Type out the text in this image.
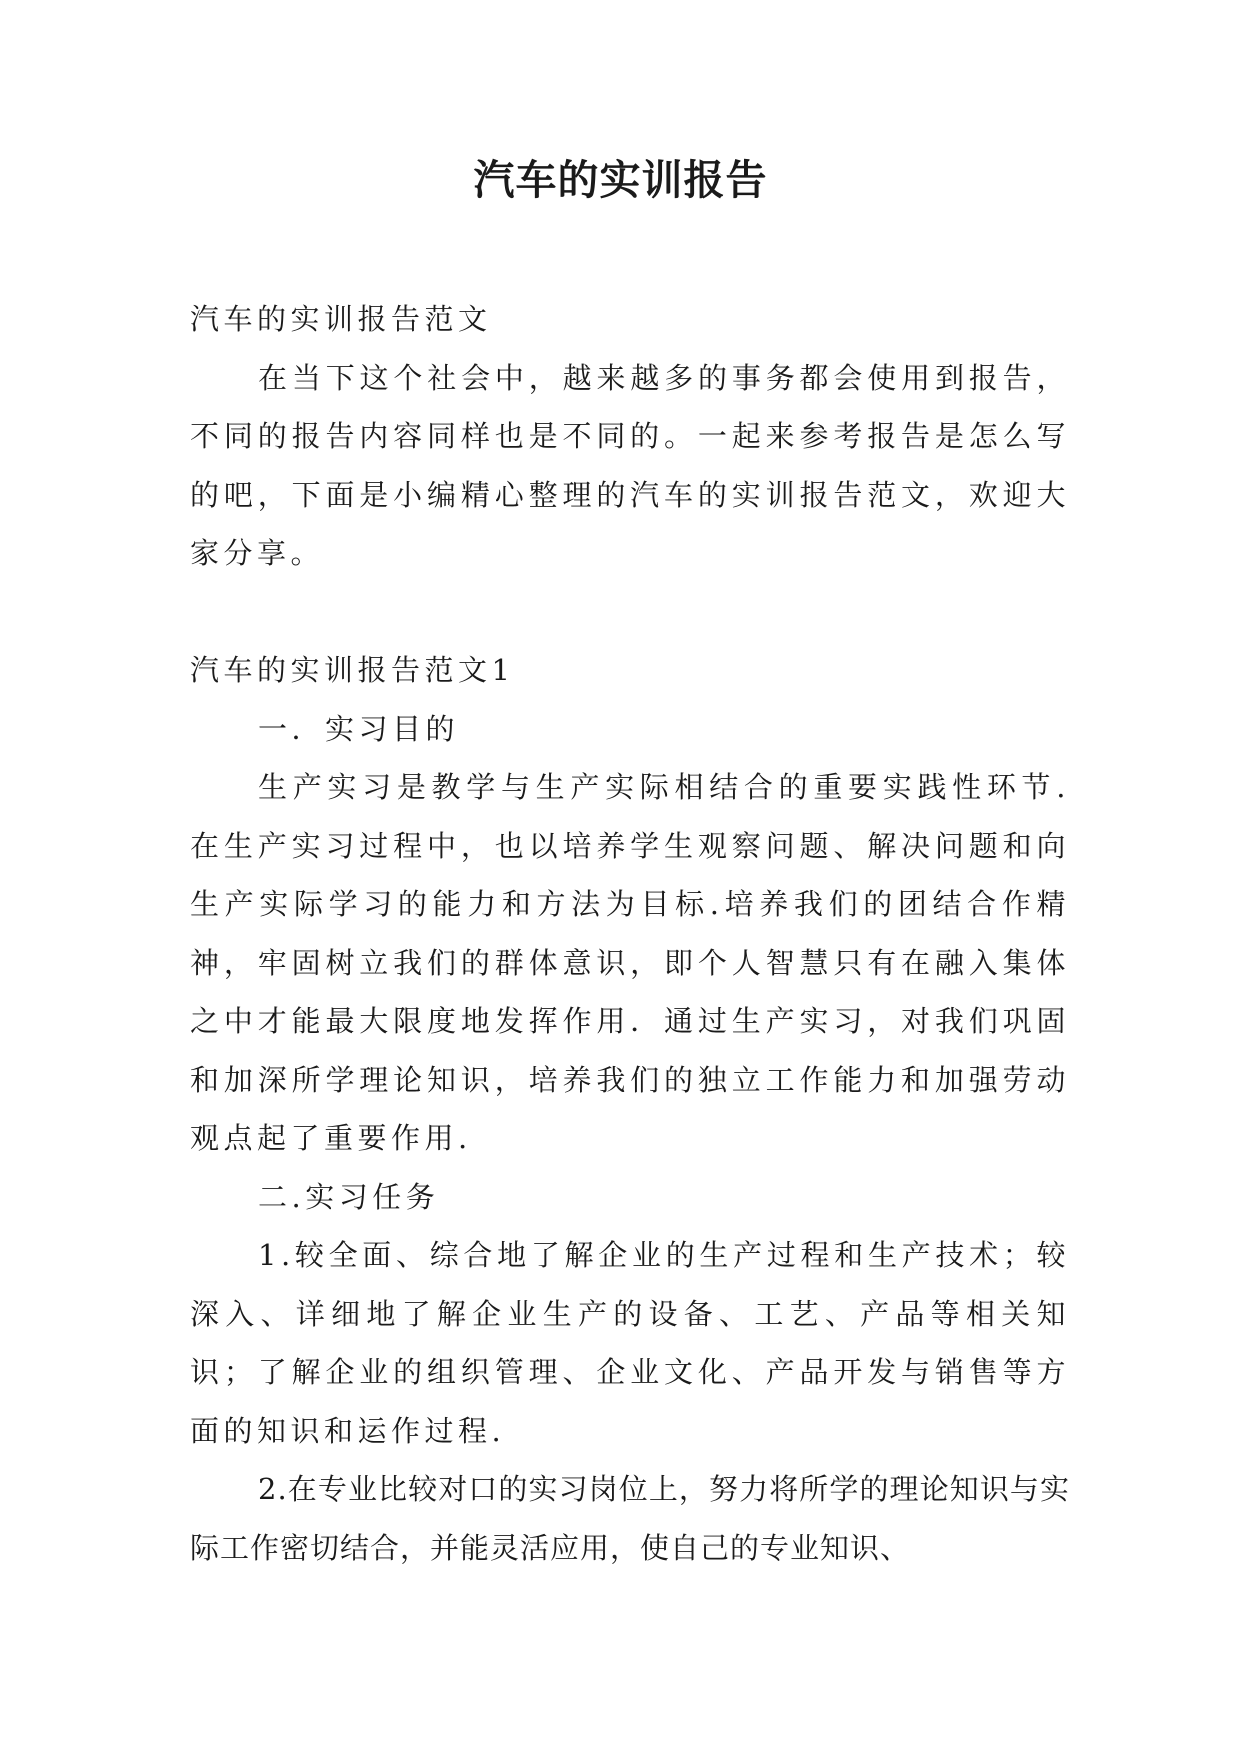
汽车的实训报告

汽车的实训报告范文

在当下这个社会中，越来越多的事务都会使用到报告，不同的报告内容同样也是不同的。一起来参考报告是怎么写的吧，下面是小编精心整理的汽车的实训报告范文，欢迎大家分享。

汽车的实训报告范文1

一．实习目的

生产实习是教学与生产实际相结合的重要实践性环节.在生产实习过程中，也以培养学生观察问题、解决问题和向生产实际学习的能力和方法为目标.培养我们的团结合作精神，牢固树立我们的群体意识，即个人智慧只有在融入集体之中才能最大限度地发挥作用．通过生产实习，对我们巩固和加深所学理论知识，培养我们的独立工作能力和加强劳动观点起了重要作用.

二.实习任务

1.较全面、综合地了解企业的生产过程和生产技术；较深入、详细地了解企业生产的设备、工艺、产品等相关知识；了解企业的组织管理、企业文化、产品开发与销售等方面的知识和运作过程.

2.在专业比较对口的实习岗位上，努力将所学的理论知识与实际工作密切结合，并能灵活应用，使自己的专业知识、
